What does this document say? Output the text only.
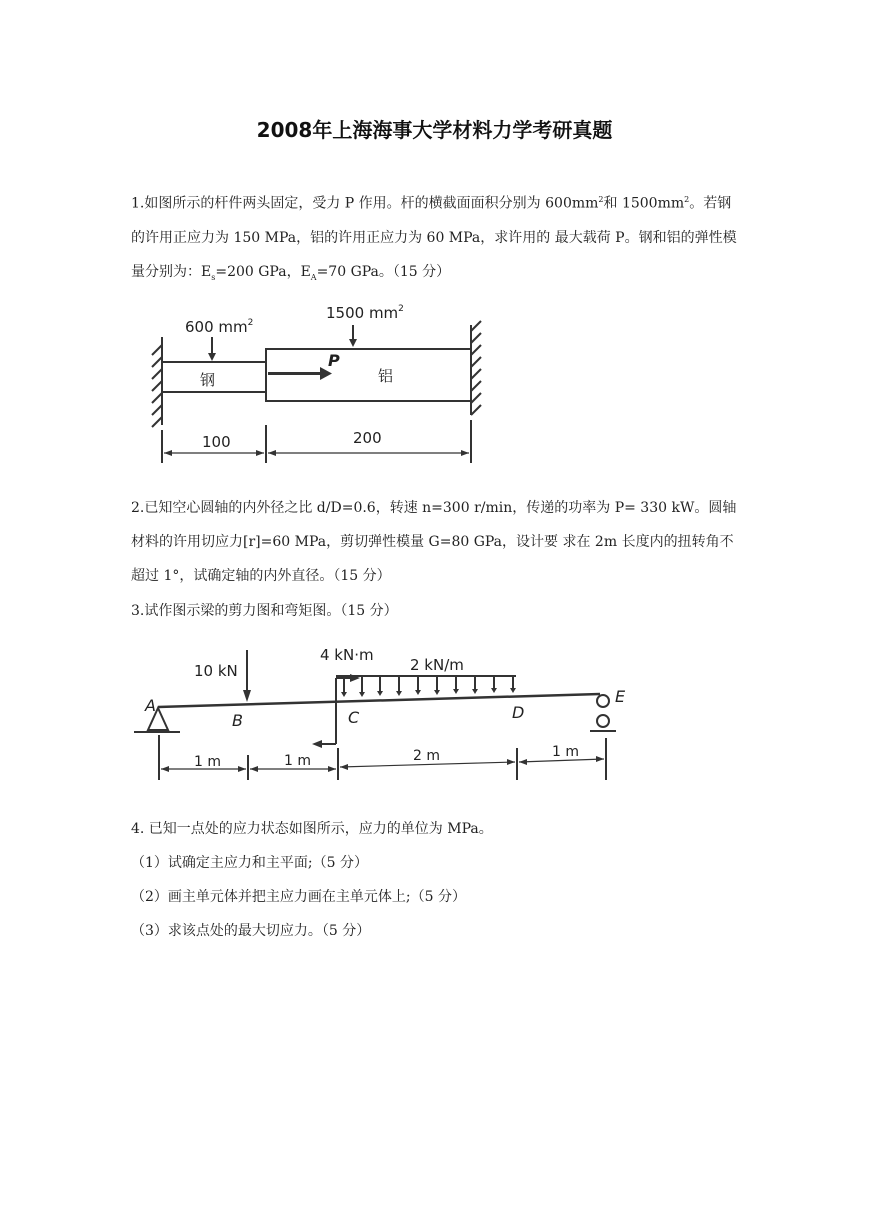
2008年上海海事大学材料力学考研真题

1.如图所示的杆件两头固定，受力 P 作用。杆的横截面面积分别为 $600mm^2$和 $1500mm^2$。若钢的许用正应力为 150 MPa，铝的许用正应力为 60 MPa，求许用的 最大载荷 P。钢和铝的弹性模量分别为：$E_s=200$ GPa，$E_A=70$ GPa。（15 分）

600 $mm^2$
1500 $mm^2$
P
钢	铝
100	200

2.已知空心圆轴的内外径之比 d/D=0.6，转速 n=300 r/min，传递的功率为 P= 330 kW。圆轴材料的许用切应力[r]=60 MPa，剪切弹性模量 G=80 GPa，设计要 求在 2m 长度内的扭转角不超过 1°，试确定轴的内外直径。（15 分）

3.试作图示梁的剪力图和弯矩图。（15 分）
10 kN
4 kN·m
2 kN/m
A
B	C	D
E
1 m	1 m	2 m	1 m
4. 已知一点处的应力状态如图所示，应力的单位为 MPa。
（1）试确定主应力和主平面;（5 分）
（2）画主单元体并把主应力画在主单元体上;（5 分）
（3）求该点处的最大切应力。（5 分）
